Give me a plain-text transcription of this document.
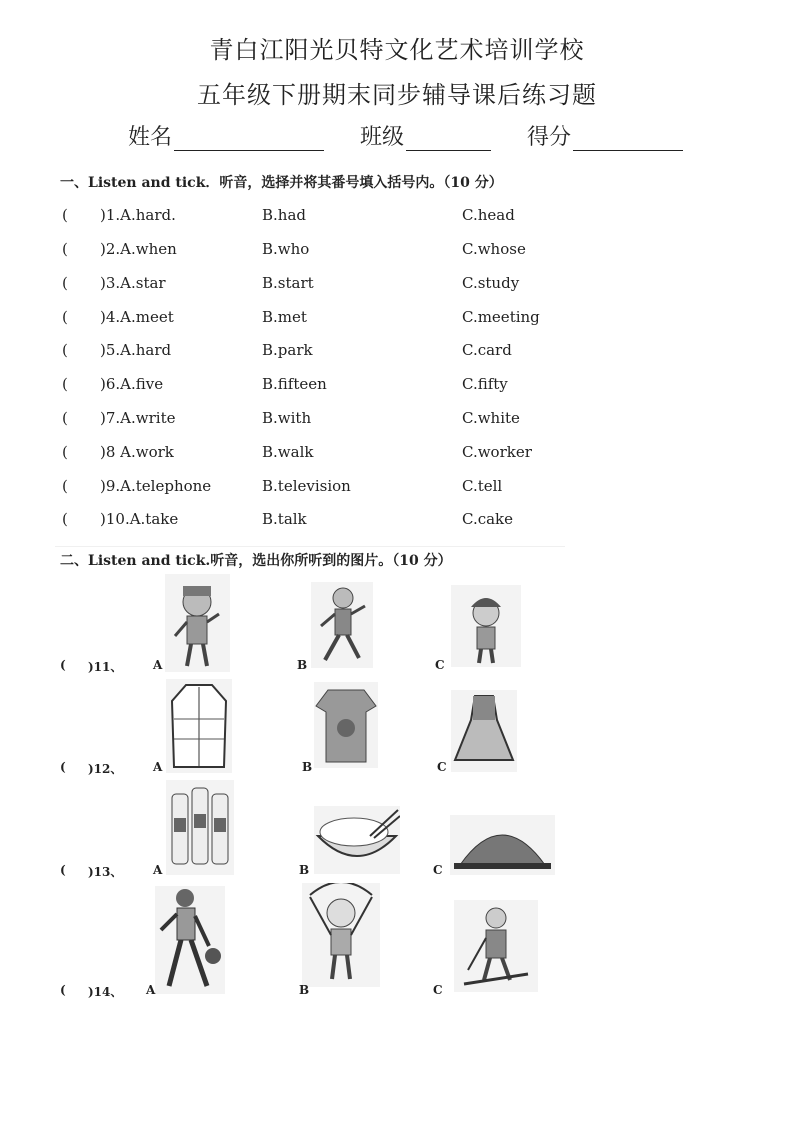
青白江阳光贝特文化艺术培训学校
五年级下册期末同步辅导课后练习题
姓名	班级	得分
一、Listen and tick．听音，选择并将其番号填入括号内。（10 分）
( )1.A.hard.	B.had	C.head
( )2.A.when	B.who	C.whose
( )3.A.star	B.start	C.study
( )4.A.meet	B.met	C.meeting
( )5.A.hard	B.park	C.card
( )6.A.five	B.fifteen	C.fifty
( )7.A.write	B.with	C.white
( )8 A.work	B.walk	C.worker
( )9.A.telephone	B.television	C.tell
( )10.A.take	B.talk	C.cake
二、Listen and tick.听音，选出你所听到的图片。（10 分）
( )11、	A	B	C
( )12、	A	B	C
( )13、	A	B	C
( )14、 A	B	C
